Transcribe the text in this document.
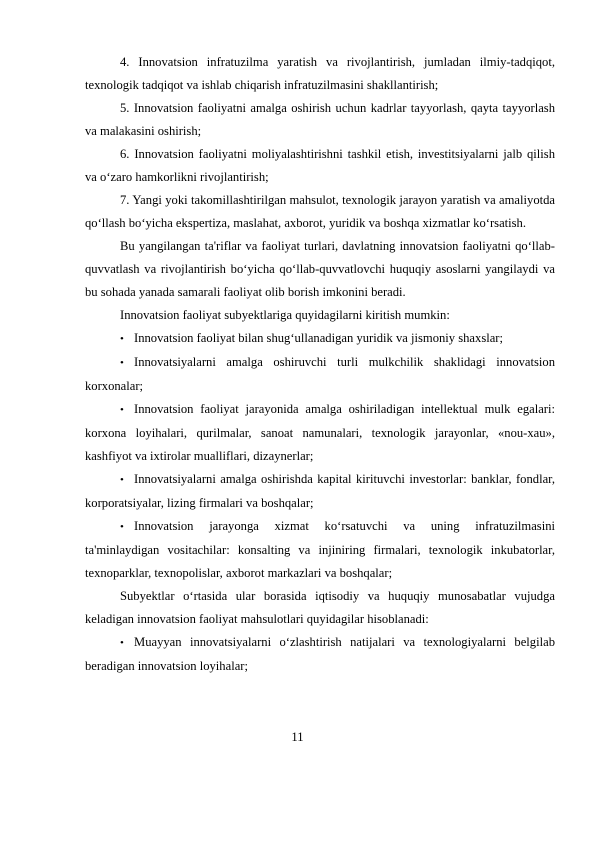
4. Innovatsion infratuzilma yaratish va rivojlantirish, jumladan ilmiy-tadqiqot, texnologik tadqiqot va ishlab chiqarish infratuzilmasini shakllantirish;

5. Innovatsion faoliyatni amalga oshirish uchun kadrlar tayyorlash, qayta tayyorlash va malakasini oshirish;

6. Innovatsion faoliyatni moliyalashtirishni tashkil etish, investitsiyalarni jalb qilish va o‘zaro hamkorlikni rivojlantirish;

7. Yangi yoki takomillashtirilgan mahsulot, texnologik jarayon yaratish va amaliyotda qo‘llash bo‘yicha ekspertiza, maslahat, axborot, yuridik va boshqa xizmatlar ko‘rsatish.

Bu yangilangan ta'riflar va faoliyat turlari, davlatning innovatsion faoliyatni qo‘llab-quvvatlash va rivojlantirish bo‘yicha qo‘llab-quvvatlovchi huquqiy asoslarni yangilaydi va bu sohada yanada samarali faoliyat olib borish imkonini beradi.

Innovatsion faoliyat subyektlariga quyidagilarni kiritish mumkin:

•Innovatsion faoliyat bilan shug‘ullanadigan yuridik va jismoniy shaxslar;

•Innovatsiyalarni amalga oshiruvchi turli mulkchilik shaklidagi innovatsion korxonalar;

•Innovatsion faoliyat jarayonida amalga oshiriladigan intellektual mulk egalari: korxona loyihalari, qurilmalar, sanoat namunalari, texnologik jarayonlar, «nou-xau», kashfiyot va ixtirolar mualliflari, dizaynerlar;

•Innovatsiyalarni amalga oshirishda kapital kirituvchi investorlar: banklar, fondlar, korporatsiyalar, lizing firmalari va boshqalar;

•Innovatsion jarayonga xizmat ko‘rsatuvchi va uning infratuzilmasini ta'minlaydigan vositachilar: konsalting va injiniring firmalari, texnologik inkubatorlar, texnoparklar, texnopolislar, axborot markazlari va boshqalar;

Subyektlar o‘rtasida ular borasida iqtisodiy va huquqiy munosabatlar vujudga keladigan innovatsion faoliyat mahsulotlari quyidagilar hisoblanadi:

•Muayyan innovatsiyalarni o‘zlashtirish natijalari va texnologiyalarni belgilab beradigan innovatsion loyihalar;

11
